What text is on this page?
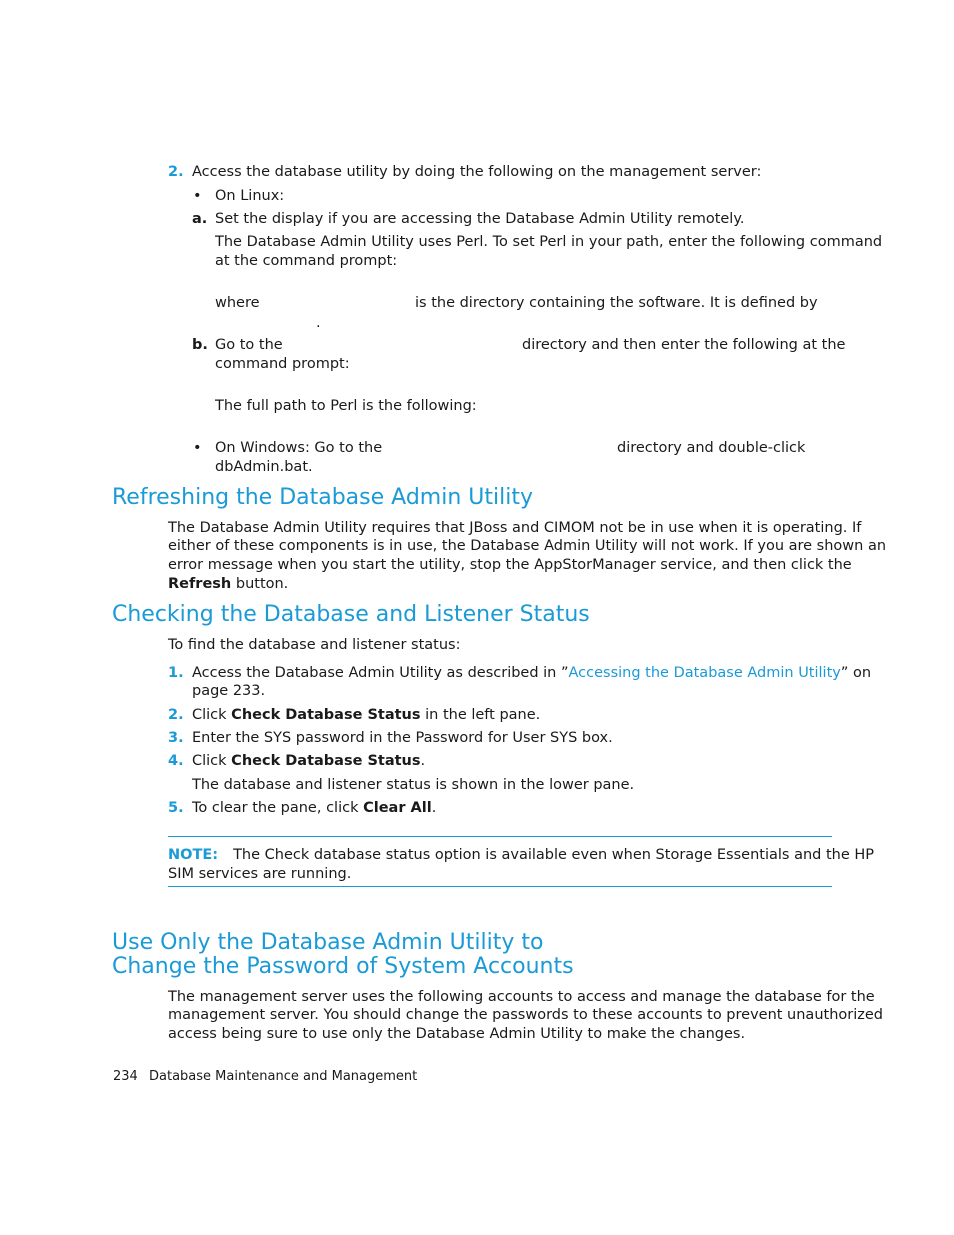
2. Access the database utility by doing the following on the management server:
• On Linux:
a. Set the display if you are accessing the Database Admin Utility remotely.
The Database Admin Utility uses Perl. To set Perl in your path, enter the following command
at the command prompt:
where	is the directory containing the software. It is defined by
.
b. Go to the	directory and then enter the following at the
command prompt:
The full path to Perl is the following:
• On Windows: Go to the	directory and double-click
dbAdmin.bat.
Refreshing the Database Admin Utility
The Database Admin Utility requires that JBoss and CIMOM not be in use when it is operating. If
either of these components is in use, the Database Admin Utility will not work. If you are shown an
error message when you start the utility, stop the AppStorManager service, and then click the
Refresh button.
Checking the Database and Listener Status
To find the database and listener status:
1. Access the Database Admin Utility as described in ”Accessing the Database Admin Utility” on
page 233.
2. Click Check Database Status in the left pane.
3. Enter the SYS password in the Password for User SYS box.
4. Click Check Database Status.
The database and listener status is shown in the lower pane.
5. To clear the pane, click Clear All.
NOTE: The Check database status option is available even when Storage Essentials and the HP
SIM services are running.
Use Only the Database Admin Utility to
Change the Password of System Accounts
The management server uses the following accounts to access and manage the database for the
management server. You should change the passwords to these accounts to prevent unauthorized
access being sure to use only the Database Admin Utility to make the changes.
234 Database Maintenance and Management
